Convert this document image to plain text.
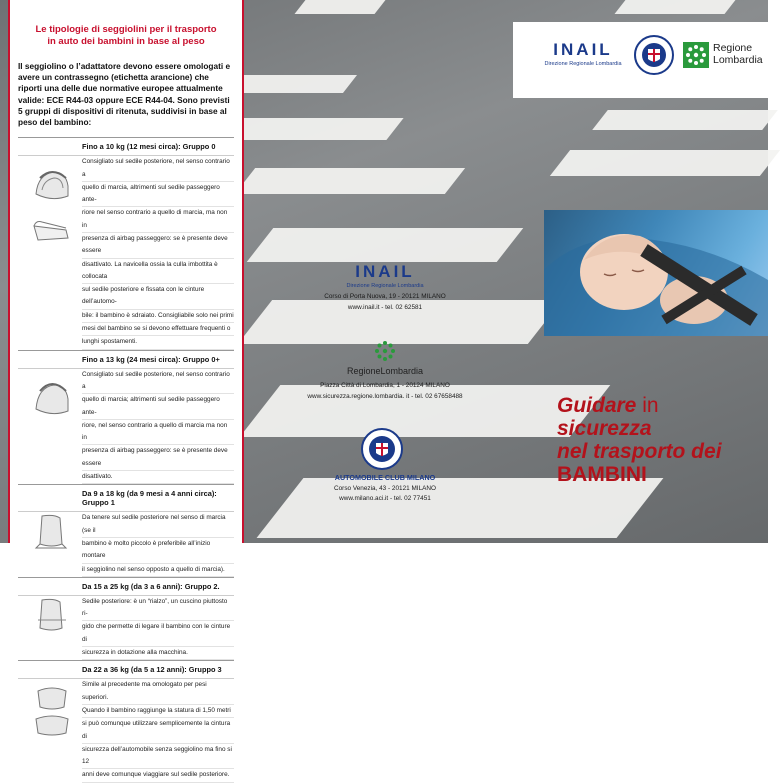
Le tipologie di seggiolini per il trasporto
in auto dei bambini in base al peso
Il seggiolino o l’adattatore devono essere omologati e avere un contrassegno (etichetta arancione) che riporti una delle due normative europee attualmente valide: ECE R44-03 oppure ECE R44-04. Sono previsti 5 gruppi di dispositivi di ritenuta, suddivisi in base al peso del bambino:
Fino a 10 kg (12 mesi circa): Gruppo 0
Consigliato sul sedile posteriore, nel senso contrario a
quello di marcia, altrimenti sul sedile passeggero ante-
riore nel senso contrario a quello di marcia, ma non in
presenza di airbag passeggero: se è presente deve essere
disattivato. La navicella ossia la culla imbottita è collocata
sul sedile posteriore e fissata con le cinture dell’automo-
bile: il bambino è sdraiato. Consigliabile solo nei primi
mesi del bambino se si devono effettuare frequenti o
lunghi spostamenti.
Fino a 13 kg (24 mesi circa): Gruppo 0+
Consigliato sul sedile posteriore, nel senso contrario a
quello di marcia; altrimenti sul sedile passeggero ante-
riore, nel senso contrario a quello di marcia ma non in
presenza di airbag passeggero: se è presente deve essere
disattivato.
Da 9 a 18 kg (da 9 mesi a 4 anni circa): Gruppo 1
Da tenere sul sedile posteriore nel senso di marcia (se il
bambino è molto piccolo è preferibile all’inizio montare
il seggiolino nel senso opposto a quello di marcia).
Da 15 a 25 kg (da 3 a 6 anni): Gruppo 2.
Sedile posteriore: è un “rialzo”, un cuscino piuttosto ri-
gido che permette di legare il bambino con le cinture di
sicurezza in dotazione alla macchina.
Da 22 a 36 kg (da 5 a 12 anni): Gruppo 3
Simile al precedente ma omologato per pesi superiori.
Quando il bambino raggiunge la statura di 1,50 metri
si può comunque utilizzare semplicemente la cintura di
sicurezza dell’automobile senza seggiolino ma fino si 12
anni deve comunque viaggiare sul sedile posteriore.
INAIL
Direzione Regionale Lombardia
Corso di Porta Nuova, 19 - 20121 MILANO
www.inail.it - tel. 02 62581
RegioneLombardia
Piazza Città di Lombardia, 1 - 20124 MILANO
www.sicurezza.regione.lombardia. it - tel. 02 67658488
AUTOMOBILE CLUB MILANO
Corso Venezia, 43 - 20121 MILANO
www.milano.aci.it - tel. 02 77451
INAIL
Direzione Regionale Lombardia
Regione
Lombardia
Guidare in
sicurezza
nel trasporto dei
BAMBINI
